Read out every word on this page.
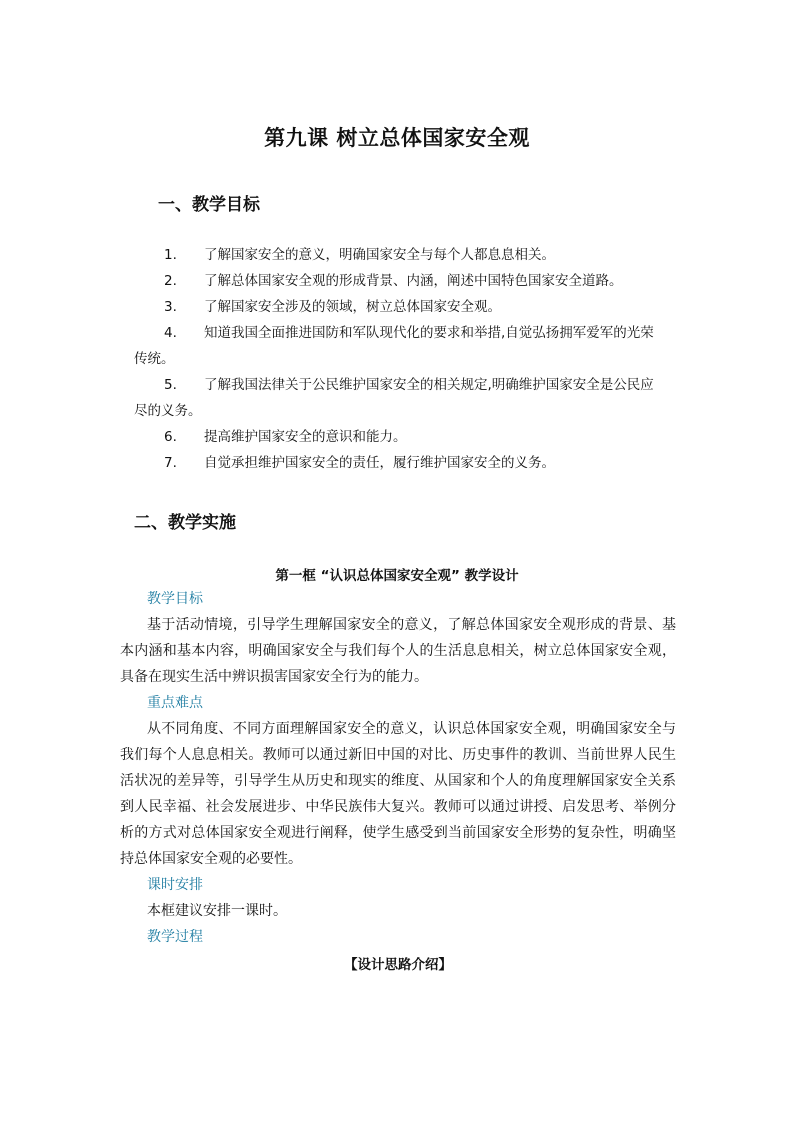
第九课 树立总体国家安全观
一、教学目标
1. 了解国家安全的意义，明确国家安全与每个人都息息相关。
2. 了解总体国家安全观的形成背景、内涵，阐述中国特色国家安全道路。
3. 了解国家安全涉及的领域，树立总体国家安全观。
4. 知道我国全面推进国防和军队现代化的要求和举措,自觉弘扬拥军爱军的光荣
传统。
5. 了解我国法律关于公民维护国家安全的相关规定,明确维护国家安全是公民应
尽的义务。
6. 提高维护国家安全的意识和能力。
7. 自觉承担维护国家安全的责任，履行维护国家安全的义务。
二、教学实施
第一框 “认识总体国家安全观” 教学设计
教学目标
基于活动情境，引导学生理解国家安全的意义，了解总体国家安全观形成的背景、基本内涵和基本内容，明确国家安全与我们每个人的生活息息相关，树立总体国家安全观，具备在现实生活中辨识损害国家安全行为的能力。
重点难点
从不同角度、不同方面理解国家安全的意义，认识总体国家安全观，明确国家安全与我们每个人息息相关。教师可以通过新旧中国的对比、历史事件的教训、当前世界人民生活状况的差异等，引导学生从历史和现实的维度、从国家和个人的角度理解国家安全关系到人民幸福、社会发展进步、中华民族伟大复兴。教师可以通过讲授、启发思考、举例分析的方式对总体国家安全观进行阐释，使学生感受到当前国家安全形势的复杂性，明确坚持总体国家安全观的必要性。
课时安排
本框建议安排一课时。
教学过程
【设计思路介绍】
